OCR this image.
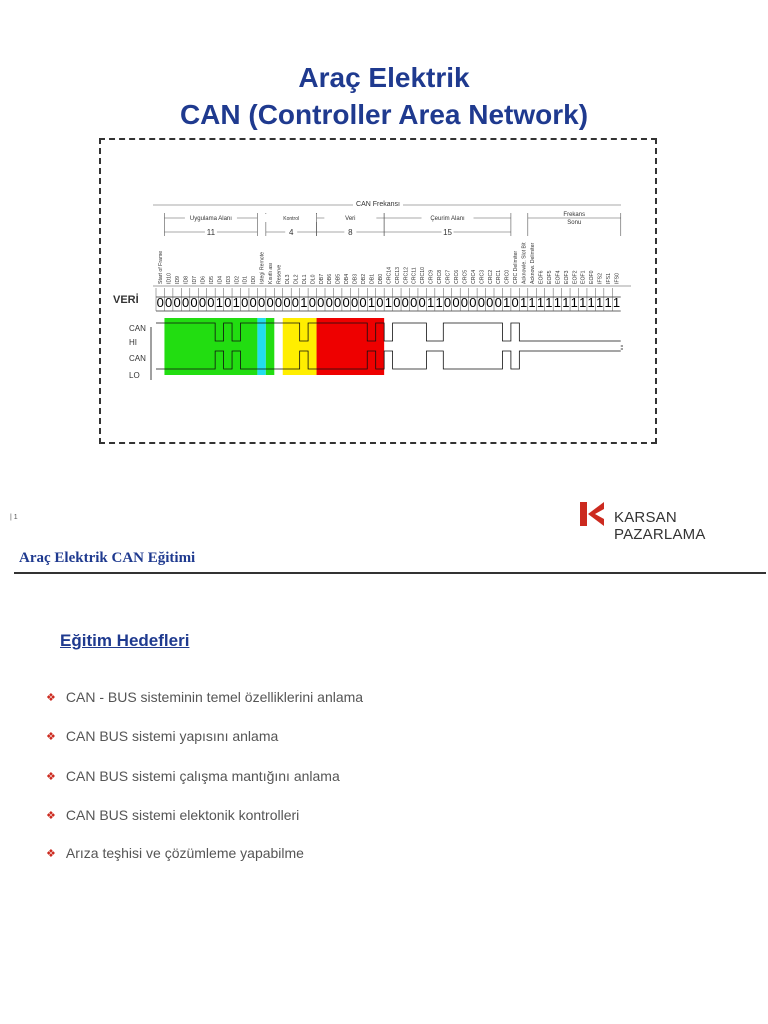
Araç Elektrik
CAN (Controller Area Network)
CAN Frekansı
Uygulama Alanı
11
Kontrol
4
Veri
8
Çeurim Alanı
15
Frekans
Sonu
Start of Frame ID10 ID9 ID8 ID7 ID6 ID5 ID4 ID3 ID2 ID1 ID0 Istegi Remote Kısıtlı ası Reserve DL3 DL2 DL1 DL0 DB7 DB6 DB5 DB4 DB3 DB2 DB1 DB0 CRC14 CRC13 CRC12 CRC11 CRC10 CRC9 CRC8 CRC7 CRC6 CRC5 CRC4 CRC3 CRC2 CRC1 CRC0 CRC Delimiter Acknowle. Slot Bit Acknow. Delimiter EOF6 EOF5 EOF4 EOF3 EOF2 EOF1 EOF0 IFS2 IFS1 IFS0
VERİ 0 0 0 0 0 0 0 1 0 1 0 0 0 0 0 0 0 1 0 0 0 0 0 0 0 1 0 1 0 0 0 0 1 1 0 0 0 0 0 0 0 1 0 1 1 1 1 1 1 1 1 1 1 1 1
CAN
HI
CAN
LO
| 1	KARSAN PAZARLAMA
Araç Elektrik CAN Eğitimi
Eğitim Hedefleri
❖ CAN - BUS sisteminin temel özelliklerini anlama
❖ CAN BUS sistemi yapısını anlama
❖ CAN BUS sistemi çalışma mantığını anlama
❖ CAN BUS sistemi elektonik kontrolleri
❖ Arıza teşhisi ve çözümleme yapabilme
